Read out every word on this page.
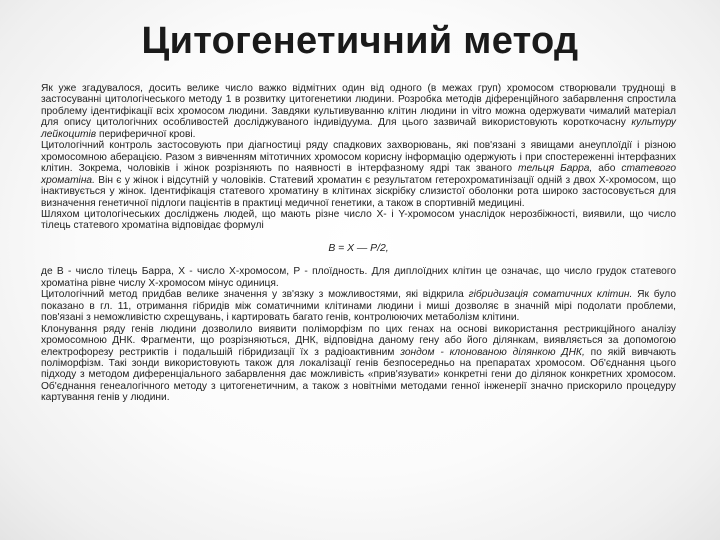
Цитогенетичний метод

Як уже згадувалося, досить велике число важко відмітних один від одного (в межах груп) хромосом створювали труднощі в застосуванні цитологічеського методу 1 в розвитку цитогенетики людини. Розробка методів діференційного забарвлення спростила проблему ідентифікації всіх хромосом людини. Завдяки культивуванню клітин людини in vitro можна одержувати чималий матеріал для опису цитологічних особливостей досліджуваного індивідуума. Для цього зазвичай використовують короткочасну культуру лейкоцитів периферичної крові.

Цитологічний контроль застосовують при діагностиці ряду спадкових захворювань, які пов'язані з явищами анеуплоїдії і різною хромосомною аберацією. Разом з вивченням мітотичних хромосом корисну інформацію одержують і при спостереженні інтерфазних клітин. Зокрема, чоловіків і жінок розрізняють по наявності в інтерфазному ядрі так званого тельця Барра, або статевого хроматіна. Він є у жінок і відсутній у чоловіків. Статевий хроматин є результатом гетерохроматинізації одній з двох Х-хромосом, що інактивується у жінок. Ідентифікація статевого хроматину в клітинах зіскрібку слизистої оболонки рота широко застосовується для визначення генетичної підлоги пацієнтів в практиці медичної генетики, а також в спортивній медицині.

Шляхом цитологічеських досліджень людей, що мають різне число Х- і Y-хромосом унаслідок нерозбіжності, виявили, що число тілець статевого хроматіна відповідає формулі

В = Х — Р/2,

де В - число тілець Барра, Х - число Х-хромосом, Р - плоїдность. Для диплоїдних клітин це означає, що число грудок статевого хроматіна рівне числу Х-хромосом мінус одиниця.

Цитологічний метод придбав велике значення у зв'язку з можливостями, які відкрила гібридизація соматичних клітин. Як було показано в гл. 11, отримання гібридів між соматичними клітинами людини і миші дозволяє в значній мірі подолати проблеми, пов'язані з неможливістю схрещувань, і картировать багато генів, контролюючих метаболізм клітини.

Клонування ряду генів людини дозволило виявити поліморфізм по цих генах на основі використання рестрикційного аналізу хромосомною ДНК. Фрагменти, що розрізняються, ДНК, відповідна даному гену або його ділянкам, виявляється за допомогою електрофорезу рестриктів і подальшій гібридизації їх з радіоактивним зондом - клонованою ділянкою ДНК, по якій вивчають поліморфізм. Такі зонди використовують також для локалізації генів безпосередньо на препаратах хромосом. Об'єднання цього підходу з методом диференціального забарвлення дає можливість «прив'язувати» конкретні гени до ділянок конкретних хромосом. Об'єднання генеалогічного методу з цитогенетичним, а також з новітніми методами генної інженерії значно прискорило процедуру картування генів у людини.
